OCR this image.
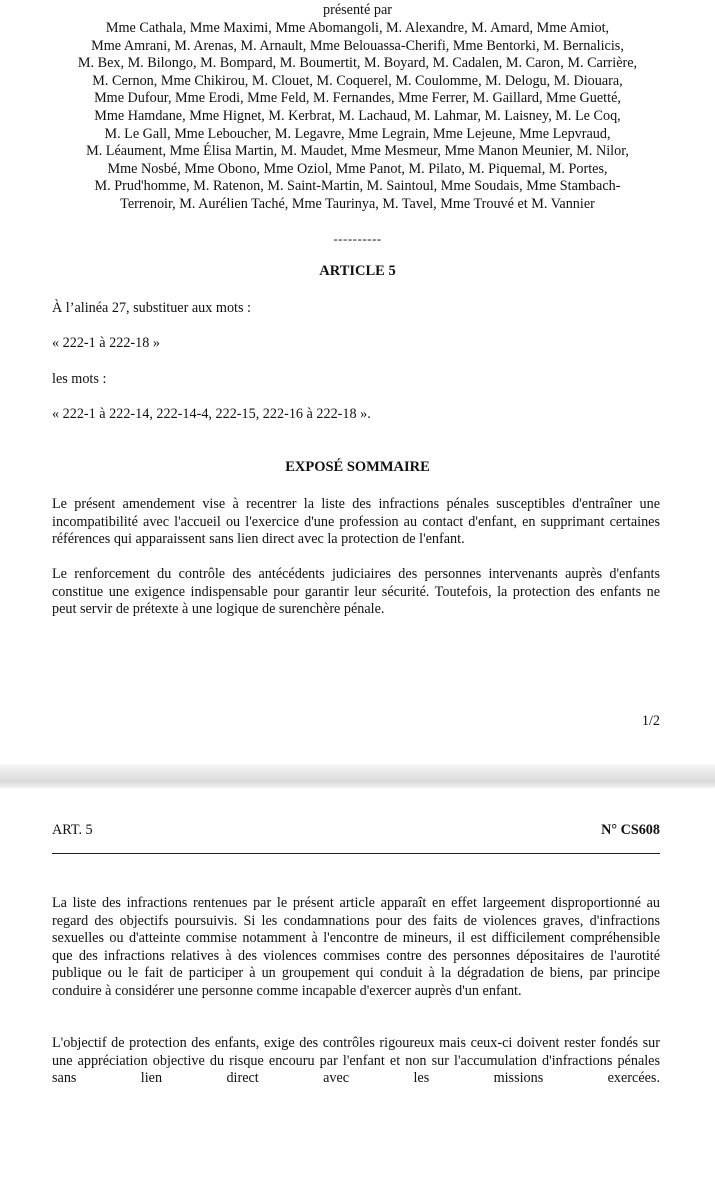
présenté par
Mme Cathala, Mme Maximi, Mme Abomangoli, M. Alexandre, M. Amard, Mme Amiot,
Mme Amrani, M. Arenas, M. Arnault, Mme Belouassa-Cherifi, Mme Bentorki, M. Bernalicis,
M. Bex, M. Bilongo, M. Bompard, M. Boumertit, M. Boyard, M. Cadalen, M. Caron, M. Carrière,
M. Cernon, Mme Chikirou, M. Clouet, M. Coquerel, M. Coulomme, M. Delogu, M. Diouara,
Mme Dufour, Mme Erodi, Mme Feld, M. Fernandes, Mme Ferrer, M. Gaillard, Mme Guetté,
Mme Hamdane, Mme Hignet, M. Kerbrat, M. Lachaud, M. Lahmar, M. Laisney, M. Le Coq,
M. Le Gall, Mme Leboucher, M. Legavre, Mme Legrain, Mme Lejeune, Mme Lepvraud,
M. Léaument, Mme Élisa Martin, M. Maudet, Mme Mesmeur, Mme Manon Meunier, M. Nilor,
Mme Nosbé, Mme Obono, Mme Oziol, Mme Panot, M. Pilato, M. Piquemal, M. Portes,
M. Prud'homme, M. Ratenon, M. Saint-Martin, M. Saintoul, Mme Soudais, Mme Stambach-
Terrenoir, M. Aurélien Taché, Mme Taurinya, M. Tavel, Mme Trouvé et M. Vannier
----------
ARTICLE 5
À l’alinéa 27, substituer aux mots :
« 222-1 à 222-18 »
les mots :
« 222-1 à 222-14, 222-14-4, 222-15, 222-16 à 222-18 ».
EXPOSÉ SOMMAIRE
Le présent amendement vise à recentrer la liste des infractions pénales susceptibles d'entraîner une incompatibilité avec l'accueil ou l'exercice d'une profession au contact d'enfant, en supprimant certaines références qui apparaissent sans lien direct avec la protection de l'enfant.
Le renforcement du contrôle des antécédents judiciaires des personnes intervenants auprès d'enfants constitue une exigence indispensable pour garantir leur sécurité. Toutefois, la protection des enfants ne peut servir de prétexte à une logique de surenchère pénale.
1/2
ART. 5	N° CS608
La liste des infractions rentenues par le présent article apparaît en effet largeement disproportionné au regard des objectifs poursuivis. Si les condamnations pour des faits de violences graves, d'infractions sexuelles ou d'atteinte commise notamment à l'encontre de mineurs, il est difficilement compréhensible que des infractions relatives à des violences commises contre des personnes dépositaires de l'aurotité publique ou le fait de participer à un groupement qui conduit à la dégradation de biens, par principe conduire à considérer une personne comme incapable d'exercer auprès d'un enfant.
L'objectif de protection des enfants, exige des contrôles rigoureux mais ceux-ci doivent rester fondés sur une appréciation objective du risque encouru par l'enfant et non sur l'accumulation d'infractions pénales sans lien direct avec les missions exercées.
